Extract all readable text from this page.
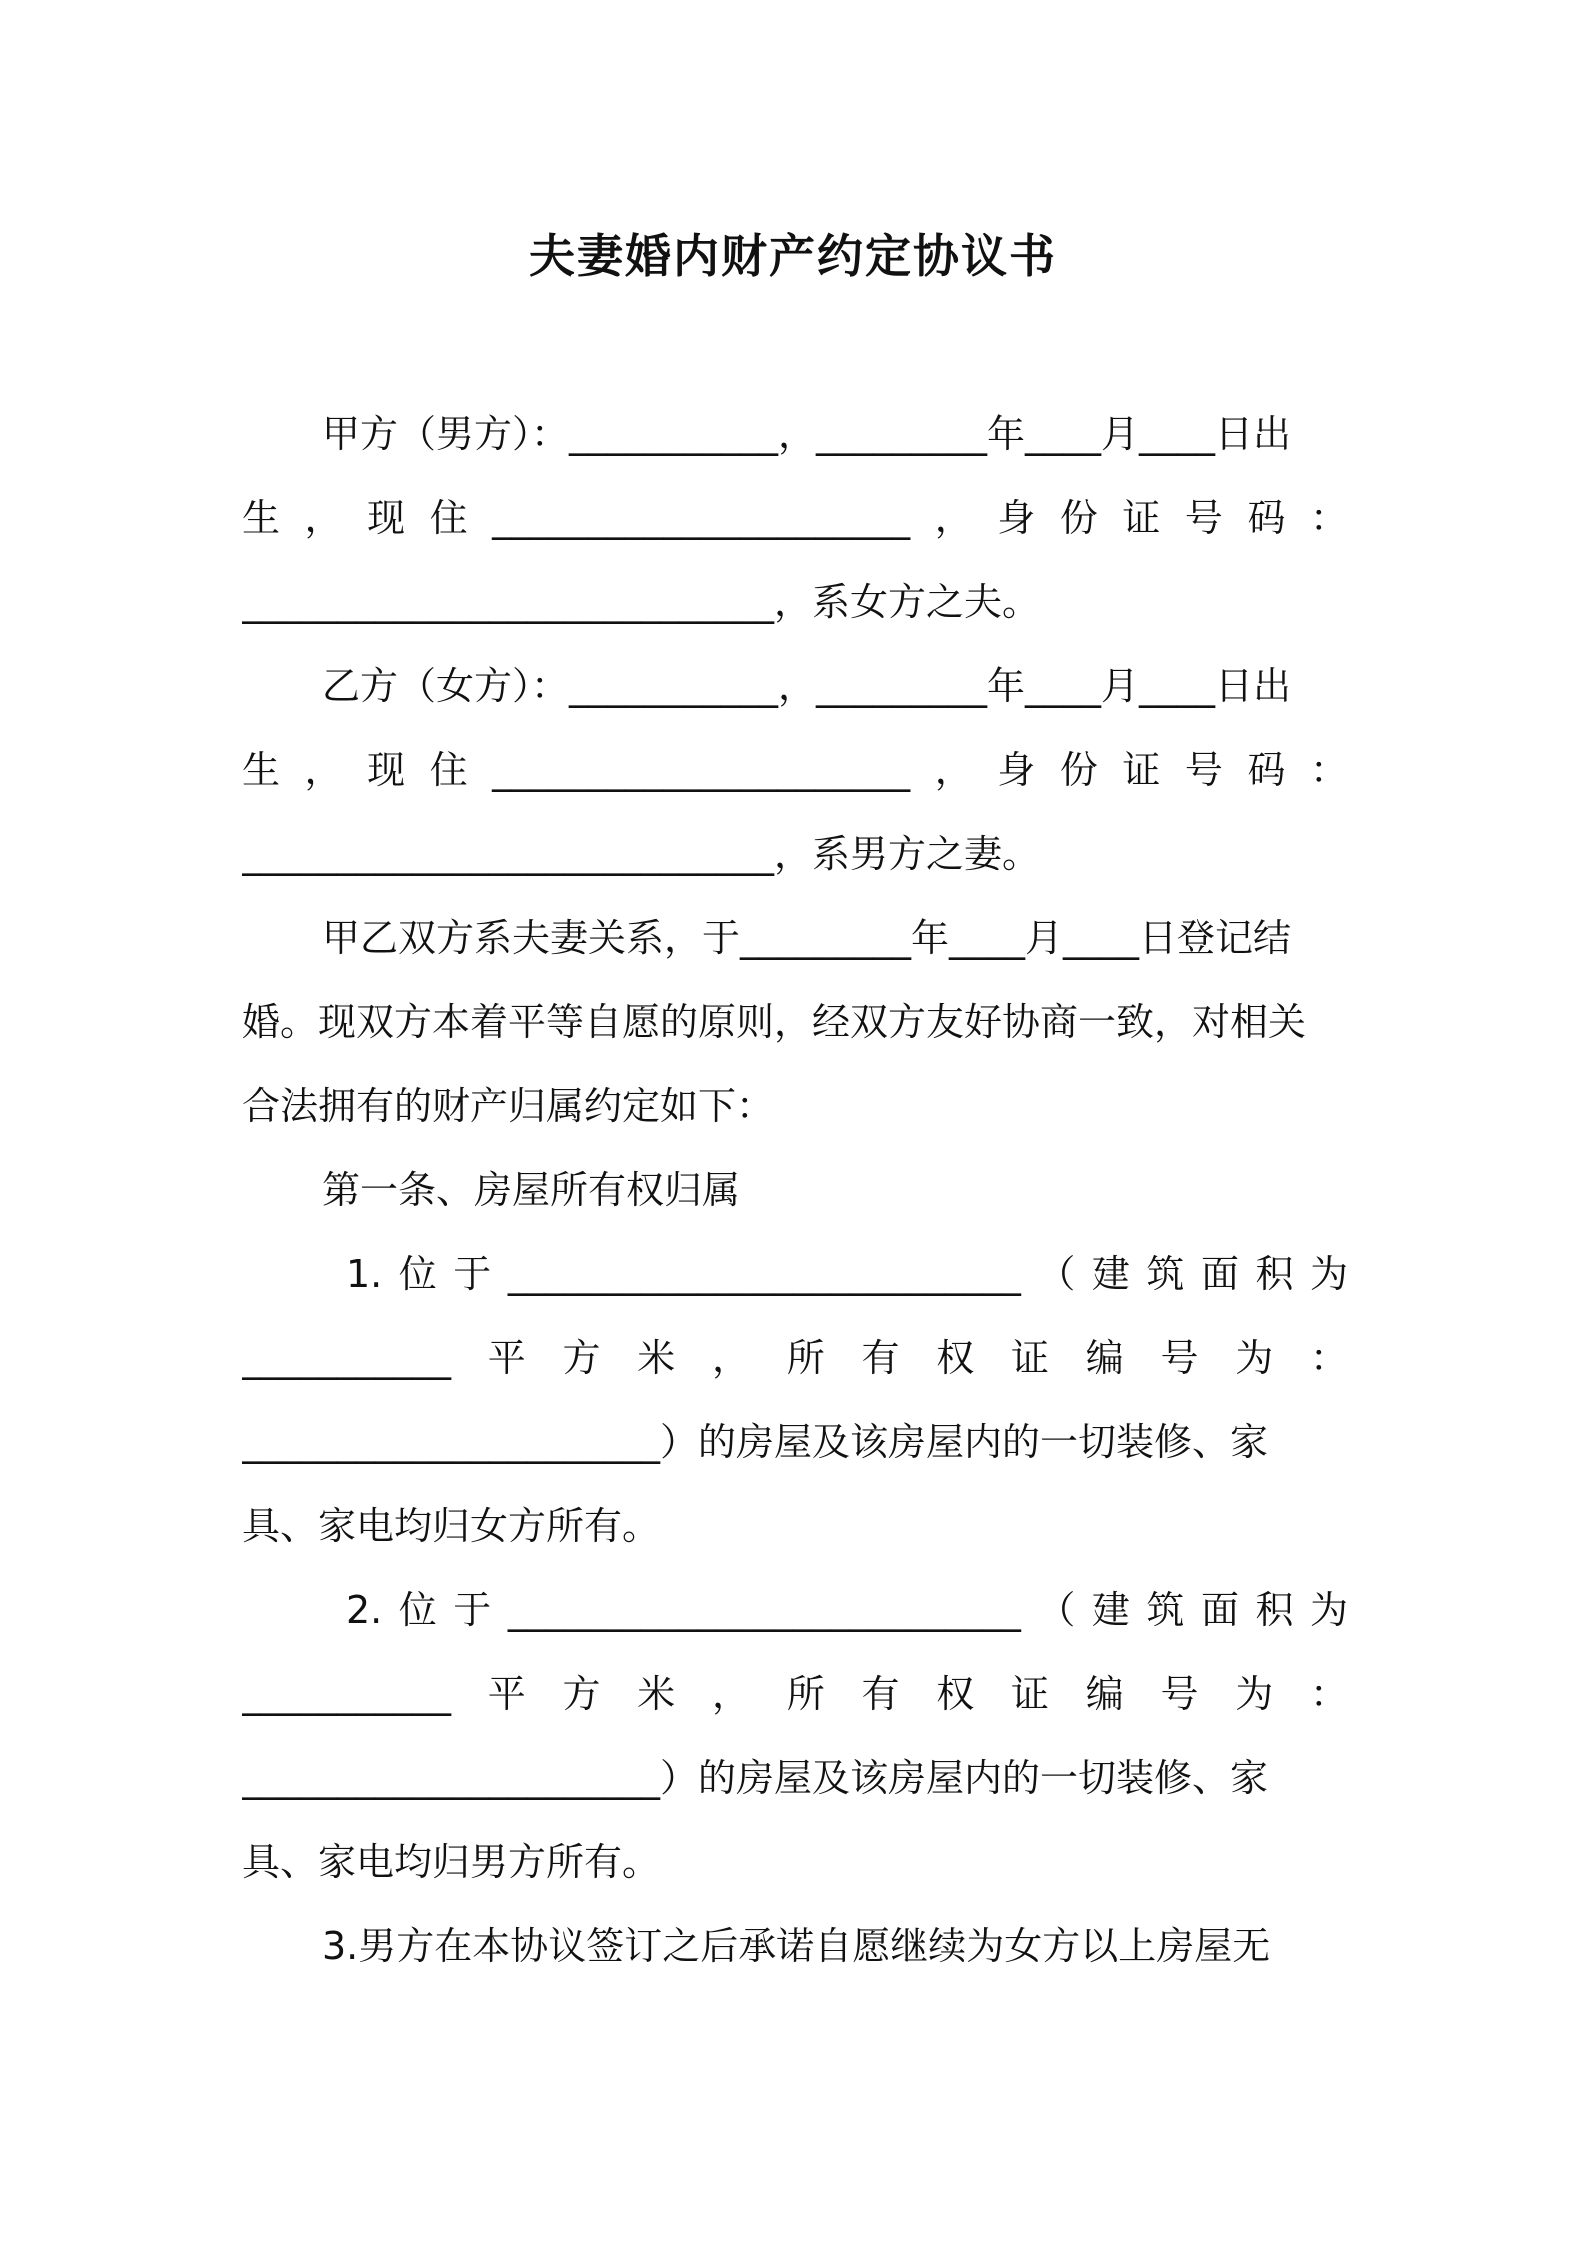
夫妻婚内财产约定协议书
甲方（男方）：___________，_________年____月____日出
生，现住______________________，身份证号码：
____________________________，系女方之夫。
乙方（女方）：___________，_________年____月____日出
生，现住______________________，身份证号码：
____________________________，系男方之妻。
甲乙双方系夫妻关系，于_________年____月____日登记结
婚。现双方本着平等自愿的原则，经双方友好协商一致，对相关
合法拥有的财产归属约定如下：
第一条、房屋所有权归属
1.位于___________________________（建筑面积为
___________平方米，所有权证编号为：
______________________）的房屋及该房屋内的一切装修、家
具、家电均归女方所有。
2.位于___________________________（建筑面积为
___________平方米，所有权证编号为：
______________________）的房屋及该房屋内的一切装修、家
具、家电均归男方所有。
3.男方在本协议签订之后承诺自愿继续为女方以上房屋无
